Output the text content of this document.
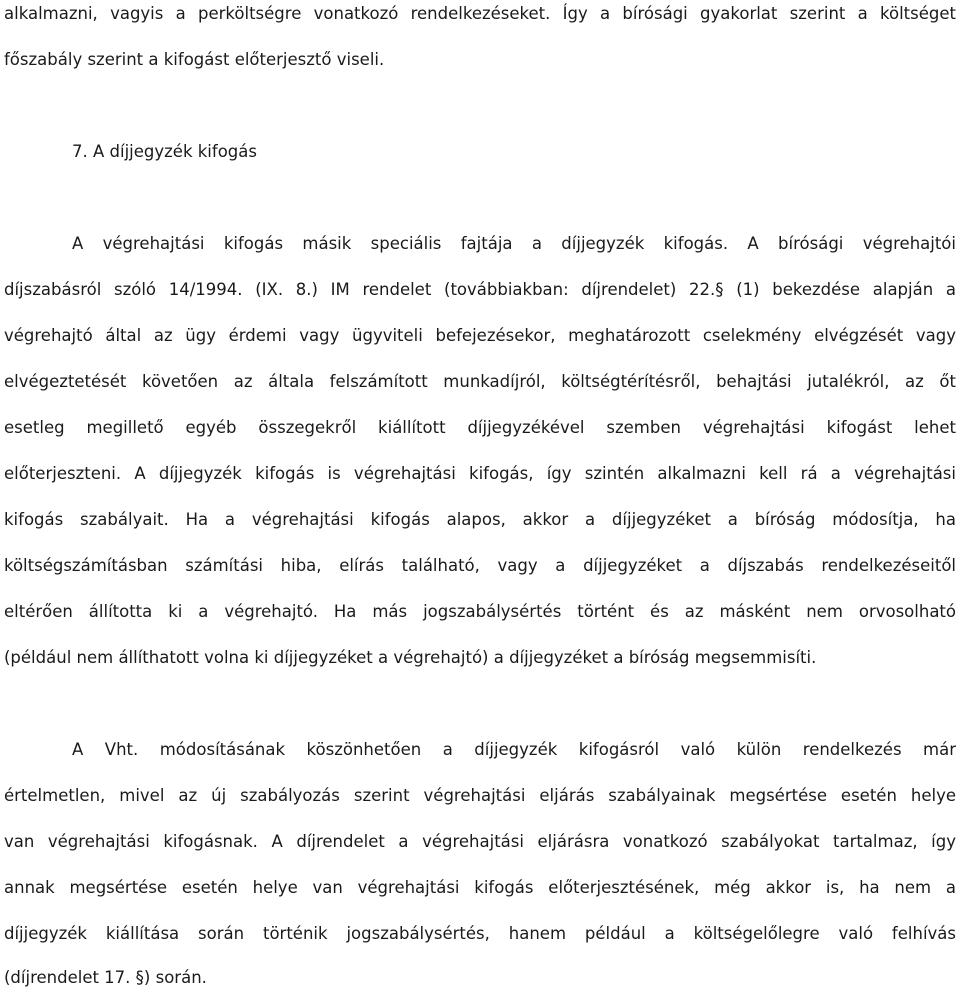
alkalmazni, vagyis a perköltségre vonatkozó rendelkezéseket. Így a bírósági gyakorlat szerint a költséget
főszabály szerint a kifogást előterjesztő viseli.
7. A díjjegyzék kifogás
A végrehajtási kifogás másik speciális fajtája a díjjegyzék kifogás. A bírósági végrehajtói
díjszabásról szóló 14/1994. (IX. 8.) IM rendelet (továbbiakban: díjrendelet) 22.§ (1) bekezdése alapján a
végrehajtó által az ügy érdemi vagy ügyviteli befejezésekor, meghatározott cselekmény elvégzését vagy
elvégeztetését követően az általa felszámított munkadíjról, költségtérítésről, behajtási jutalékról, az őt
esetleg megillető egyéb összegekről kiállított díjjegyzékével szemben végrehajtási kifogást lehet
előterjeszteni. A díjjegyzék kifogás is végrehajtási kifogás, így szintén alkalmazni kell rá a végrehajtási
kifogás szabályait. Ha a végrehajtási kifogás alapos, akkor a díjjegyzéket a bíróság módosítja, ha
költségszámításban számítási hiba, elírás található, vagy a díjjegyzéket a díjszabás rendelkezéseitől
eltérően állította ki a végrehajtó. Ha más jogszabálysértés történt és az másként nem orvosolható
(például nem állíthatott volna ki díjjegyzéket a végrehajtó) a díjjegyzéket a bíróság megsemmisíti.
A Vht. módosításának köszönhetően a díjjegyzék kifogásról való külön rendelkezés már
értelmetlen, mivel az új szabályozás szerint végrehajtási eljárás szabályainak megsértése esetén helye
van végrehajtási kifogásnak. A díjrendelet a végrehajtási eljárásra vonatkozó szabályokat tartalmaz, így
annak megsértése esetén helye van végrehajtási kifogás előterjesztésének, még akkor is, ha nem a
díjjegyzék kiállítása során történik jogszabálysértés, hanem például a költségelőlegre való felhívás
(díjrendelet 17. §) során.
